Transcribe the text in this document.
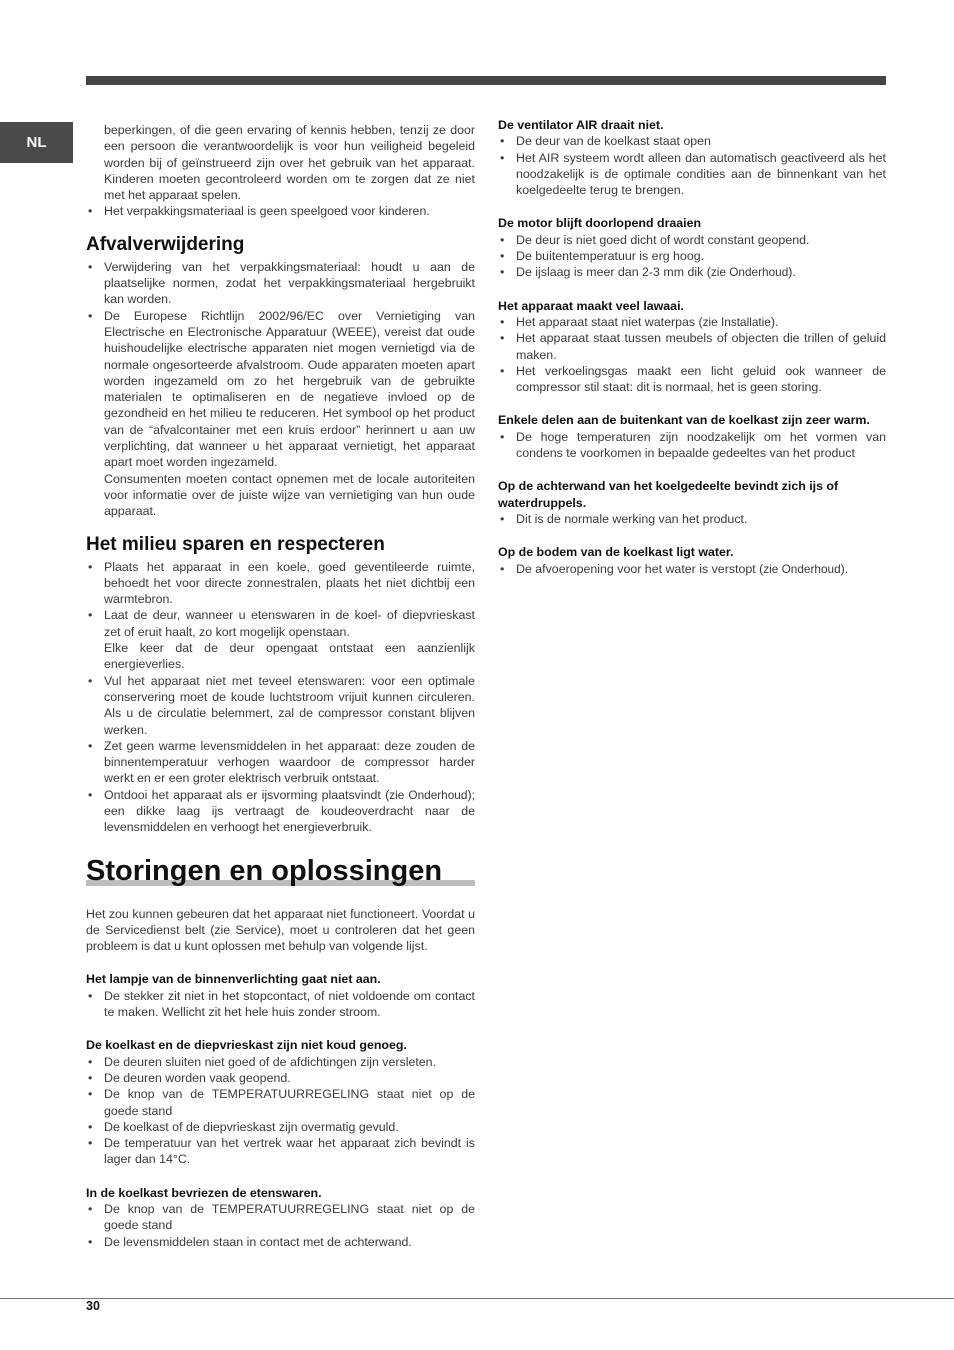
NL

beperkingen, of die geen ervaring of kennis hebben, tenzij ze door een persoon die verantwoordelijk is voor hun veiligheid begeleid worden bij of geïnstrueerd zijn over het gebruik van het apparaat. Kinderen moeten gecontroleerd worden om te zorgen dat ze niet met het apparaat spelen.

• Het verpakkingsmateriaal is geen speelgoed voor kinderen.
Afvalverwijdering
• Verwijdering van het verpakkingsmateriaal: houdt u aan de plaatselijke normen, zodat het verpakkingsmateriaal hergebruikt kan worden.
• De Europese Richtlijn 2002/96/EC over Vernietiging van Electrische en Electronische Apparatuur (WEEE), vereist dat oude huishoudelijke electrische apparaten niet mogen vernietigd via de normale ongesorteerde afvalstroom. Oude apparaten moeten apart worden ingezameld om zo het hergebruik van de gebruikte materialen te optimaliseren en de negatieve invloed op de gezondheid en het milieu te reduceren. Het symbool op het product van de “afvalcontainer met een kruis erdoor” herinnert u aan uw verplichting, dat wanneer u het apparaat vernietigt, het apparaat apart moet worden ingezameld.

Consumenten moeten contact opnemen met de locale autoriteiten voor informatie over de juiste wijze van vernietiging van hun oude apparaat.

Het milieu sparen en respecteren
• Plaats het apparaat in een koele, goed geventileerde ruimte, behoedt het voor directe zonnestralen, plaats het niet dichtbij een warmtebron.
• Laat de deur, wanneer u etenswaren in de koel- of diepvrieskast zet of eruit haalt, zo kort mogelijk openstaan.

Elke keer dat de deur opengaat ontstaat een aanzienlijk energieverlies.

• Vul het apparaat niet met teveel etenswaren: voor een optimale conservering moet de koude luchtstroom vrijuit kunnen circuleren. Als u de circulatie belemmert, zal de compressor constant blijven werken.
• Zet geen warme levensmiddelen in het apparaat: deze zouden de binnentemperatuur verhogen waardoor de compressor harder werkt en er een groter elektrisch verbruik ontstaat.
• Ontdooi het apparaat als er ijsvorming plaatsvindt (zie Onderhoud); een dikke laag ijs vertraagt de koudeoverdracht naar de levensmiddelen en verhoogt het energieverbruik.
Storingen en oplossingen

Het zou kunnen gebeuren dat het apparaat niet functioneert. Voordat u de Servicedienst belt (zie Service), moet u controleren dat het geen probleem is dat u kunt oplossen met behulp van volgende lijst.

Het lampje van de binnenverlichting gaat niet aan.
• De stekker zit niet in het stopcontact, of niet voldoende om contact te maken. Wellicht zit het hele huis zonder stroom.
De koelkast en de diepvrieskast zijn niet koud genoeg.
• De deuren sluiten niet goed of de afdichtingen zijn versleten.
• De deuren worden vaak geopend.
• De knop van de TEMPERATUURREGELING staat niet op de goede stand
• De koelkast of de diepvrieskast zijn overmatig gevuld.
• De temperatuur van het vertrek waar het apparaat zich bevindt is lager dan 14°C.
In de koelkast bevriezen de etenswaren.
• De knop van de TEMPERATUURREGELING staat niet op de goede stand
• De levensmiddelen staan in contact met de achterwand.
De ventilator AIR draait niet.
• De deur van de koelkast staat open
• Het AIR systeem wordt alleen dan automatisch geactiveerd als het noodzakelijk is de optimale condities aan de binnenkant van het koelgedeelte terug te brengen.
De motor blijft doorlopend draaien
• De deur is niet goed dicht of wordt constant geopend.
• De buitentemperatuur is erg hoog.
• De ijslaag is meer dan 2-3 mm dik (zie Onderhoud).
Het apparaat maakt veel lawaai.
• Het apparaat staat niet waterpas (zie Installatie).
• Het apparaat staat tussen meubels of objecten die trillen of geluid maken.
• Het verkoelingsgas maakt een licht geluid ook wanneer de compressor stil staat: dit is normaal, het is geen storing.
Enkele delen aan de buitenkant van de koelkast zijn zeer warm.
• De hoge temperaturen zijn noodzakelijk om het vormen van condens te voorkomen in bepaalde gedeeltes van het product
Op de achterwand van het koelgedeelte bevindt zich ijs of waterdruppels.
• Dit is de normale werking van het product.
Op de bodem van de koelkast ligt water.
• De afvoeropening voor het water is verstopt (zie Onderhoud).
30
